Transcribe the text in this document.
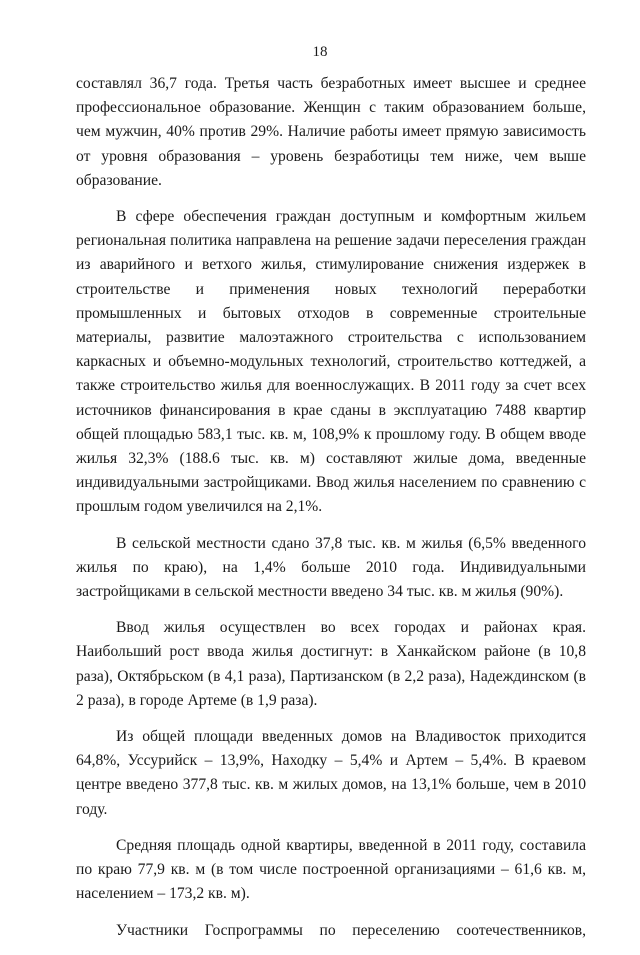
18

составлял 36,7 года. Третья часть безработных имеет высшее и среднее профессиональное образование. Женщин с таким образованием больше, чем мужчин, 40% против 29%. Наличие работы имеет прямую зависимость от уровня образования – уровень безработицы тем ниже, чем выше образование.

В сфере обеспечения граждан доступным и комфортным жильем региональная политика направлена на решение задачи переселения граждан из аварийного и ветхого жилья, стимулирование снижения издержек в строительстве и применения новых технологий переработки промышленных и бытовых отходов в современные строительные материалы, развитие малоэтажного строительства с использованием каркасных и объемно-модульных технологий, строительство коттеджей, а также строительство жилья для военнослужащих. В 2011 году за счет всех источников финансирования в крае сданы в эксплуатацию 7488 квартир общей площадью 583,1 тыс. кв. м, 108,9% к прошлому году. В общем вводе жилья 32,3% (188.6 тыс. кв. м) составляют жилые дома, введенные индивидуальными застройщиками. Ввод жилья населением по сравнению с прошлым годом увеличился на 2,1%.

В сельской местности сдано 37,8 тыс. кв. м жилья (6,5% введенного жилья по краю), на 1,4% больше 2010 года. Индивидуальными застройщиками в сельской местности введено 34 тыс. кв. м жилья (90%).

Ввод жилья осуществлен во всех городах и районах края. Наибольший рост ввода жилья достигнут: в Ханкайском районе (в 10,8 раза), Октябрьском (в 4,1 раза), Партизанском (в 2,2 раза), Надеждинском (в 2 раза), в городе Артеме (в 1,9 раза).

Из общей площади введенных домов на Владивосток приходится 64,8%, Уссурийск – 13,9%, Находку – 5,4% и Артем – 5,4%. В краевом центре введено 377,8 тыс. кв. м жилых домов, на 13,1% больше, чем в 2010 году.

Средняя площадь одной квартиры, введенной в 2011 году, составила по краю 77,9 кв. м (в том числе построенной организациями – 61,6 кв. м, населением – 173,2 кв. м).

Участники Госпрограммы по переселению соотечественников,
